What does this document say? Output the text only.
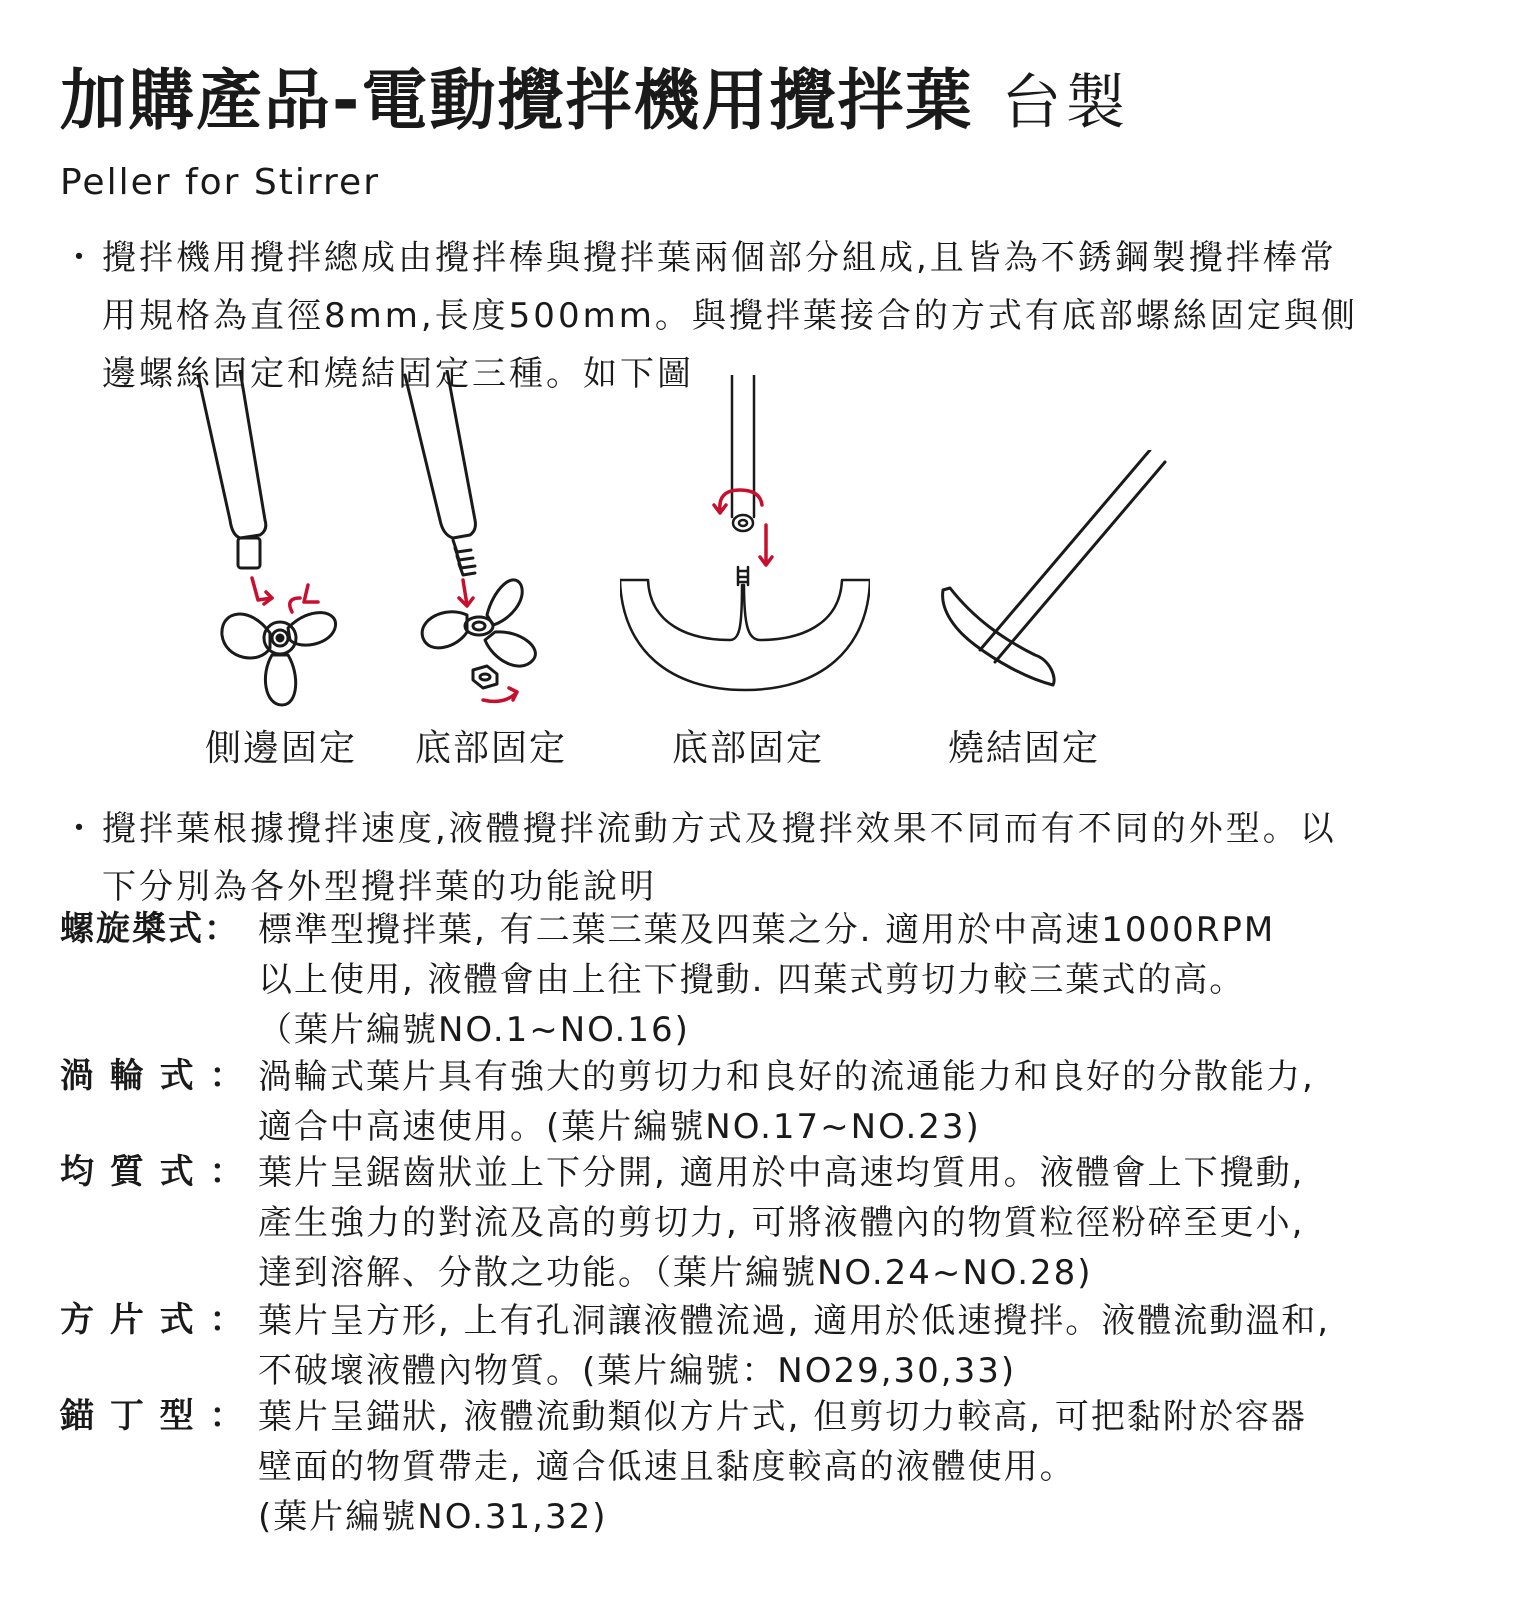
加購產品-電動攪拌機用攪拌葉 台製
Peller for Stirrer
・ 攪拌機用攪拌總成由攪拌棒與攪拌葉兩個部分組成,且皆為不銹鋼製攪拌棒常
用規格為直徑8mm,長度500mm。與攪拌葉接合的方式有底部螺絲固定與側
邊螺絲固定和燒結固定三種。如下圖
側邊固定 底部固定	底部固定	燒結固定
・ 攪拌葉根據攪拌速度,液體攪拌流動方式及攪拌效果不同而有不同的外型。以
下分別為各外型攪拌葉的功能說明
螺旋槳式： 標準型攪拌葉, 有二葉三葉及四葉之分. 適用於中高速1000RPM
以上使用, 液體會由上往下攪動. 四葉式剪切力較三葉式的高。
（葉片編號NO.1~NO.16)
渦 輪 式 ： 渦輪式葉片具有強大的剪切力和良好的流通能力和良好的分散能力,
適合中高速使用。(葉片編號NO.17~NO.23)
均 質 式 ： 葉片呈鋸齒狀並上下分開, 適用於中高速均質用。液體會上下攪動,
產生強力的對流及高的剪切力, 可將液體內的物質粒徑粉碎至更小,
達到溶解、分散之功能。（葉片編號NO.24~NO.28)
方 片 式 ： 葉片呈方形, 上有孔洞讓液體流過, 適用於低速攪拌。液體流動溫和,
不破壞液體內物質。(葉片編號：NO29,30,33)
錨 丁 型 ： 葉片呈錨狀, 液體流動類似方片式, 但剪切力較高, 可把黏附於容器
壁面的物質帶走, 適合低速且黏度較高的液體使用。
(葉片編號NO.31,32)
